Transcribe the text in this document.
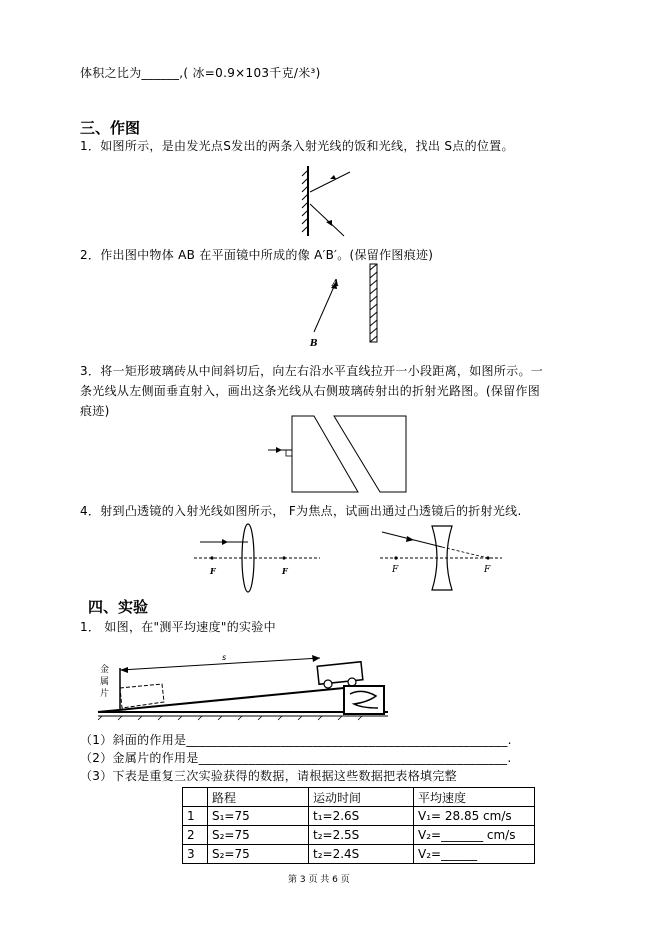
体积之比为______,( 冰=0.9×103千克/米³)
三、作图
1．如图所示，是由发光点S发出的两条入射光线的饭和光线，找出 S点的位置。
2．作出图中物体 AB 在平面镜中所成的像 A′B′。(保留作图痕迹)
A
B
3．将一矩形玻璃砖从中间斜切后，向左右沿水平直线拉开一小段距离，如图所示。一
条光线从左侧面垂直射入，画出这条光线从右侧玻璃砖射出的折射光路图。(保留作图
痕迹)
4．射到凸透镜的入射光线如图所示， F为焦点，试画出通过凸透镜后的折射光线.
F	F	F	F
四、实验
1． 如图，在"测平均速度"的实验中
金
属
片
s
（1）斜面的作用是___________________________________________________.
（2）金属片的作用是_________________________________________________.
（3）下表是重复三次实验获得的数据，请根据这些数据把表格填完整
	路程	运动时间	平均速度
1	S₁=75	t₁=2.6S	V₁= 28.85 cm/s
2	S₂=75	t₂=2.5S	V₂=_______ cm/s
3	S₂=75	t₂=2.4S	V₂=______
第 3 页 共 6 页
